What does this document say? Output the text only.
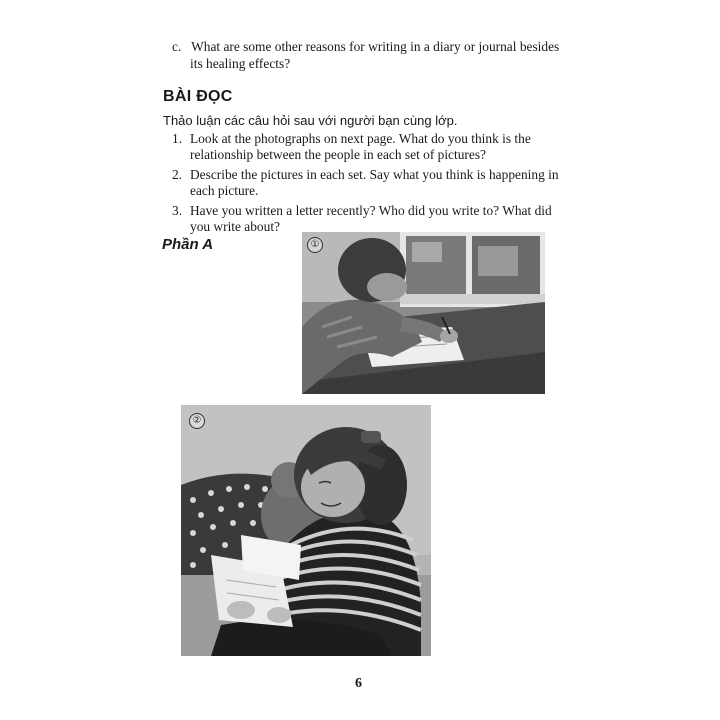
c. What are some other reasons for writing in a diary or journal besides
its healing effects?
BÀI ĐỌC
Thảo luận các câu hỏi sau với người bạn cùng lớp.
1. Look at the photographs on next page. What do you think is the relationship between the people in each set of pictures?
2. Describe the pictures in each set. Say what you think is happening in each picture.
3. Have you written a letter recently? Who did you write to? What did you write about?
Phần A	①
②
6
